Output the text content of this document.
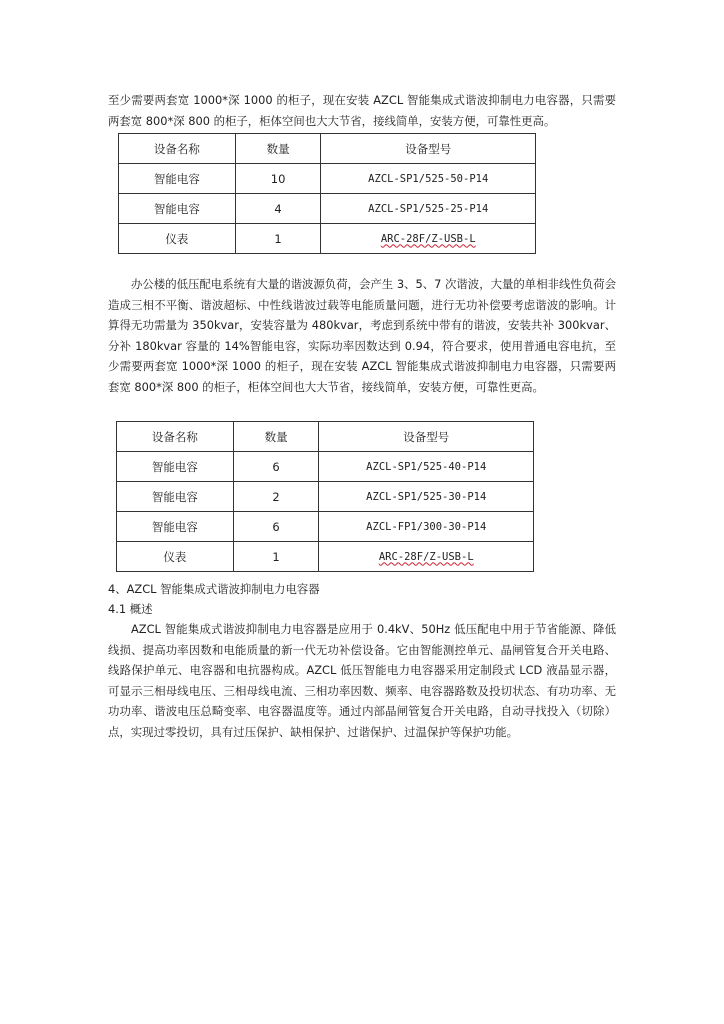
至少需要两套宽 1000*深 1000 的柜子，现在安装 AZCL 智能集成式谐波抑制电力电容器，只需要两套宽 800*深 800 的柜子，柜体空间也大大节省，接线简单，安装方便，可靠性更高。

设备名称	数量	设备型号
智能电容	10	AZCL-SP1/525-50-P14
智能电容	4	AZCL-SP1/525-25-P14
仪表	1	ARC-28F/Z-USB-L

办公楼的低压配电系统有大量的谐波源负荷，会产生 3、5、7 次谐波，大量的单相非线性负荷会造成三相不平衡、谐波超标、中性线谐波过载等电能质量问题，进行无功补偿要考虑谐波的影响。计算得无功需量为 350kvar，安装容量为 480kvar，考虑到系统中带有的谐波，安装共补 300kvar、分补 180kvar 容量的 14%智能电容，实际功率因数达到 0.94，符合要求，使用普通电容电抗，至少需要两套宽 1000*深 1000 的柜子，现在安装 AZCL 智能集成式谐波抑制电力电容器，只需要两套宽 800*深 800 的柜子，柜体空间也大大节省，接线简单，安装方便，可靠性更高。

设备名称	数量	设备型号
智能电容	6	AZCL-SP1/525-40-P14
智能电容	2	AZCL-SP1/525-30-P14
智能电容	6	AZCL-FP1/300-30-P14
仪表	1	ARC-28F/Z-USB-L

4、AZCL 智能集成式谐波抑制电力电容器

4.1 概述

AZCL 智能集成式谐波抑制电力电容器是应用于 0.4kV、50Hz 低压配电中用于节省能源、降低线损、提高功率因数和电能质量的新一代无功补偿设备。它由智能测控单元、晶闸管复合开关电路、线路保护单元、电容器和电抗器构成。AZCL 低压智能电力电容器采用定制段式 LCD 液晶显示器，可显示三相母线电压、三相母线电流、三相功率因数、频率、电容器路数及投切状态、有功功率、无功功率、谐波电压总畸变率、电容器温度等。通过内部晶闸管复合开关电路，自动寻找投入（切除）点，实现过零投切，具有过压保护、缺相保护、过谐保护、过温保护等保护功能。
